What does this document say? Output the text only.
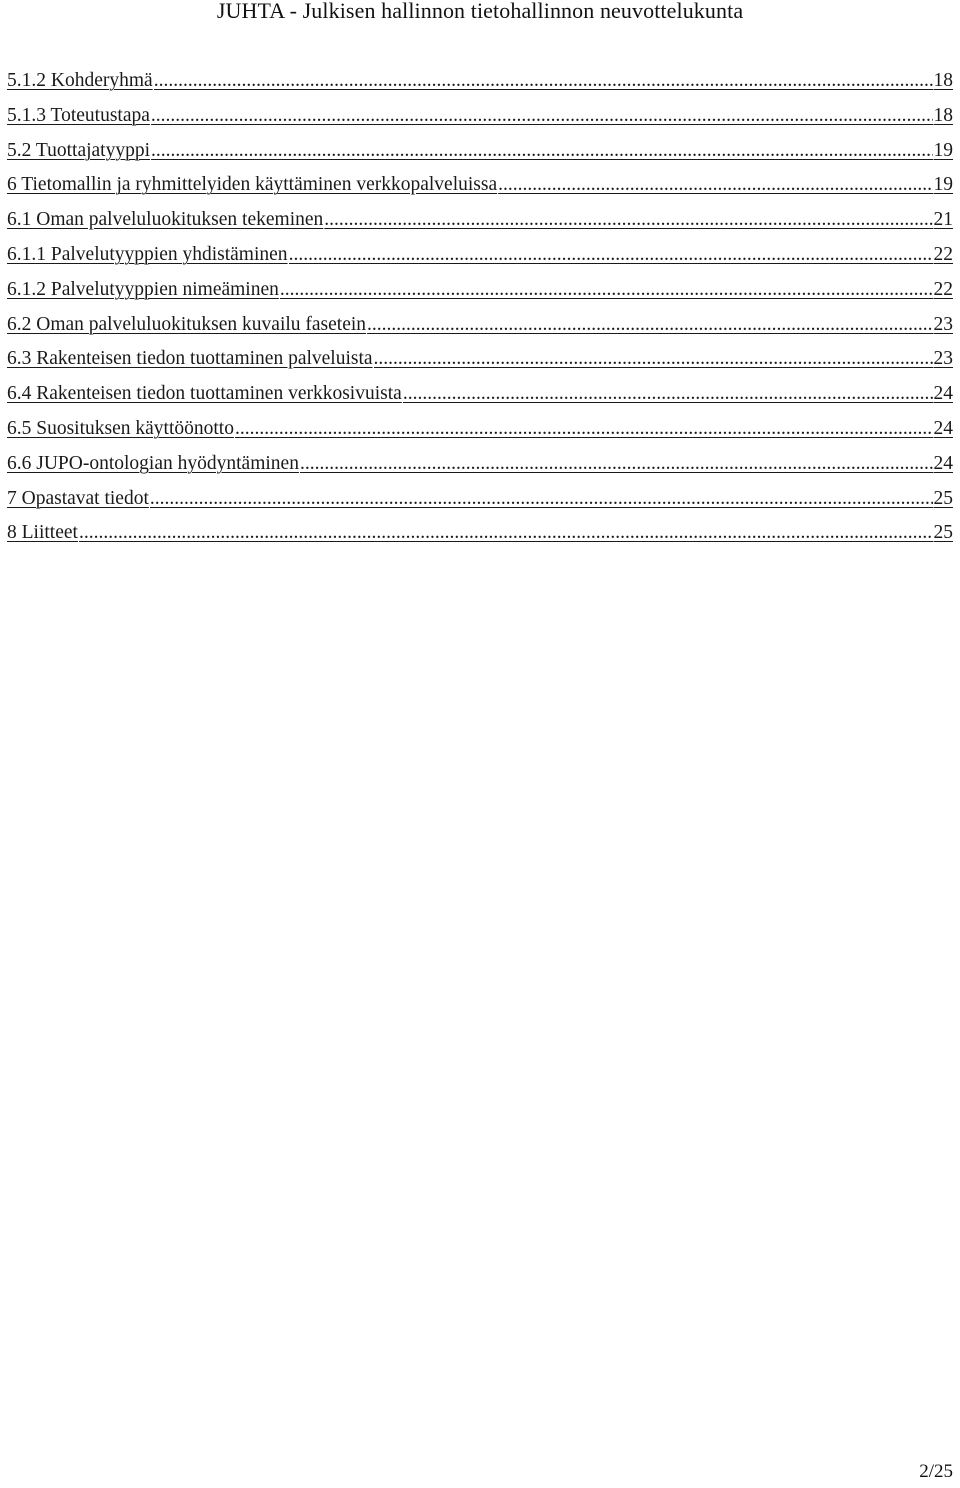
JUHTA - Julkisen hallinnon tietohallinnon neuvottelukunta
5.1.2 Kohderyhmä .....	18
5.1.3 Toteutustapa .....	18
5.2 Tuottajatyyppi .....	19
6 Tietomallin ja ryhmittelyiden käyttäminen verkkopalveluissa .....	19
6.1 Oman palveluluokituksen tekeminen .....	21
6.1.1 Palvelutyyppien yhdistäminen .....	22
6.1.2 Palvelutyyppien nimeäminen .....	22
6.2 Oman palveluluokituksen kuvailu fasetein .....	23
6.3 Rakenteisen tiedon tuottaminen palveluista .....	23
6.4 Rakenteisen tiedon tuottaminen verkkosivuista .....	24
6.5 Suosituksen käyttöönotto .....	24
6.6 JUPO-ontologian hyödyntäminen .....	24
7 Opastavat tiedot .....	25
8 Liitteet .....	25
2/25
